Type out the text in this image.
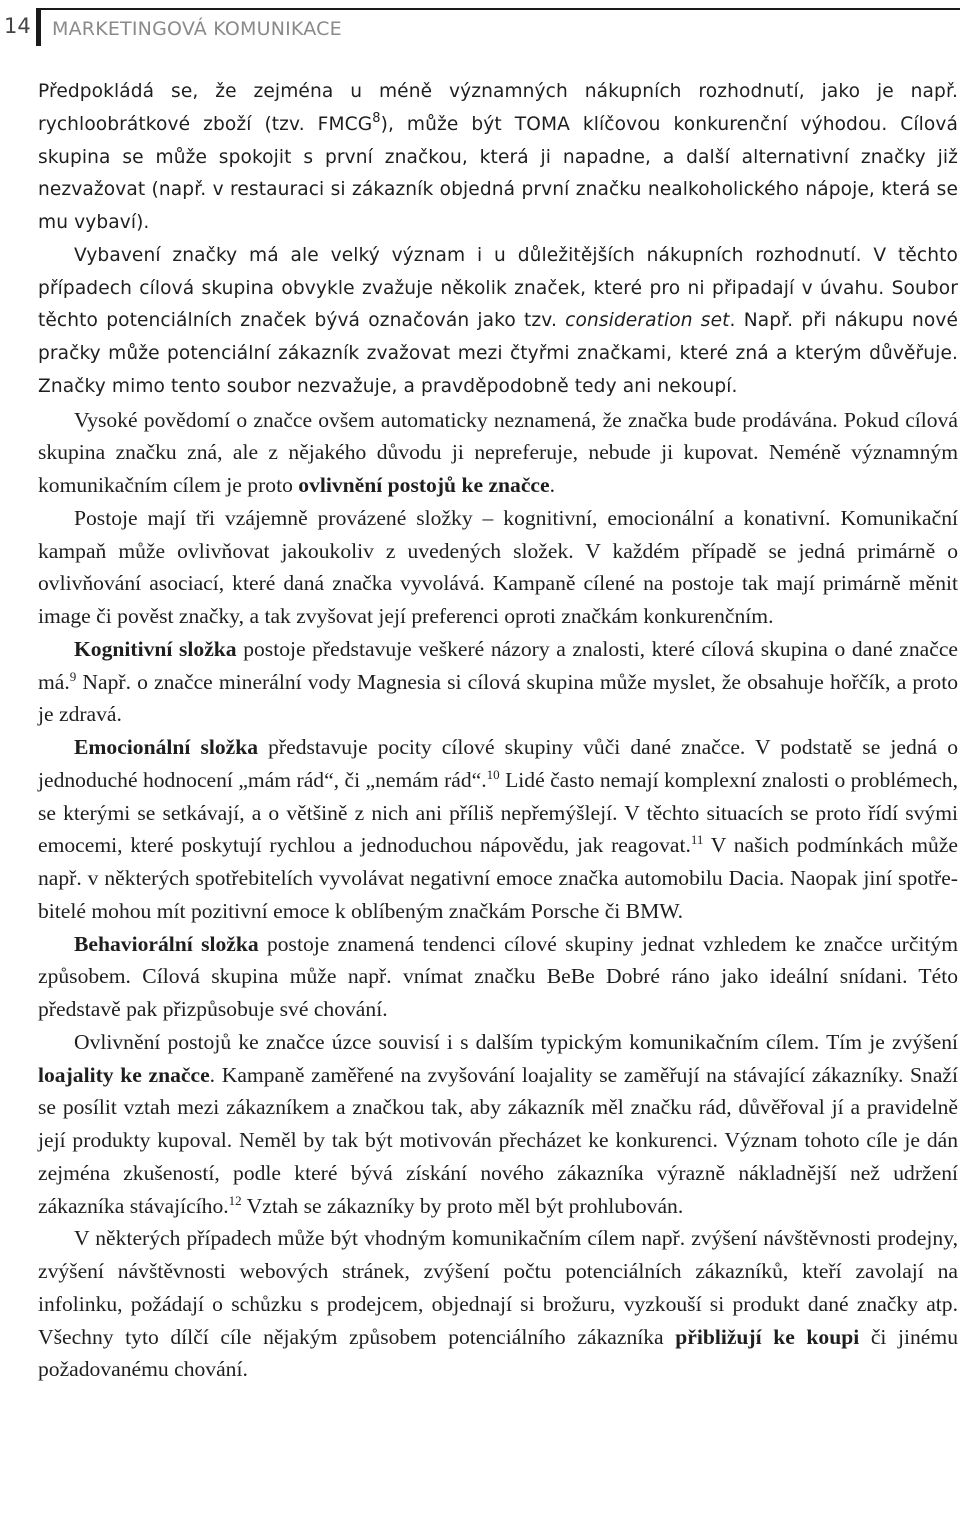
14 MARKETINGOVÁ KOMUNIKACE

Předpokládá se, že zejména u méně významných nákupních rozhodnutí, jako je např. rychloobrátkové zboží (tzv. FMCG$^8$), může být TOMA klíčovou konkurenční výhodou. Cílová skupina se může spokojit s první značkou, která ji napadne, a další alternativní značky již nezvažovat (např. v restauraci si zákazník objedná první značku nealkoholického nápoje, která se mu vybaví).

Vybavení značky má ale velký význam i u důležitějších nákupních rozhodnutí. V těchto případech cílová skupina obvykle zvažuje několik značek, které pro ni připadají v úvahu. Soubor těchto potenciálních značek bývá označován jako tzv. consideration set. Např. při nákupu nové pračky může potenciální zákazník zvažovat mezi čtyřmi značkami, které zná a kterým důvěřuje. Značky mimo tento soubor nezvažuje, a pravděpodobně tedy ani nekoupí.

Vysoké povědomí o značce ovšem automaticky neznamená, že značka bude prodávána. Pokud cílová skupina značku zná, ale z nějakého důvodu ji nepreferuje, nebude ji kupovat. Neméně významným komunikačním cílem je proto ovlivnění postojů ke značce.

Postoje mají tři vzájemně provázené složky – kognitivní, emocionální a konativní. Komunikační kampaň může ovlivňovat jakoukoliv z uvedených složek. V každém případě se jedná primárně o ovlivňování asociací, které daná značka vyvolává. Kampaně cílené na postoje tak mají primárně měnit image či pověst značky, a tak zvyšovat její preferenci oproti značkám konkurenčním.

Kognitivní složka postoje představuje veškeré názory a znalosti, které cílová skupina o dané značce má.$^9$ Např. o značce minerální vody Magnesia si cílová skupina může myslet, že obsahuje hořčík, a proto je zdravá.

Emocionální složka představuje pocity cílové skupiny vůči dané značce. V podstatě se jedná o jednoduché hodnocení „mám rád“, či „nemám rád“.$^{10}$ Lidé často nemají komplexní znalosti o problémech, se kterými se setkávají, a o většině z nich ani příliš nepřemýšlejí. V těchto situacích se proto řídí svými emocemi, které poskytují rychlou a jednoduchou nápovědu, jak reagovat.$^{11}$ V našich podmínkách může např. v některých spotřebitelích vyvolávat negativní emoce značka automobilu Dacia. Naopak jiní spotřebitelé mohou mít pozitivní emoce k oblíbeným značkám Porsche či BMW.

Behaviorální složka postoje znamená tendenci cílové skupiny jednat vzhledem ke značce určitým způsobem. Cílová skupina může např. vnímat značku BeBe Dobré ráno jako ideální snídani. Této představě pak přizpůsobuje své chování.

Ovlivnění postojů ke značce úzce souvisí i s dalším typickým komunikačním cílem. Tím je zvýšení loajality ke značce. Kampaně zaměřené na zvyšování loajality se zaměřují na stávající zákazníky. Snaží se posílit vztah mezi zákazníkem a značkou tak, aby zákazník měl značku rád, důvěřoval jí a pravidelně její produkty kupoval. Neměl by tak být motivován přecházet ke konkurenci. Význam tohoto cíle je dán zejména zkušeností, podle které bývá získání nového zákazníka výrazně nákladnější než udržení zákazníka stávajícího.$^{12}$ Vztah se zákazníky by proto měl být prohlubován.

V některých případech může být vhodným komunikačním cílem např. zvýšení návštěvnosti prodejny, zvýšení návštěvnosti webových stránek, zvýšení počtu potenciálních zákazníků, kteří zavolají na infolinku, požádají o schůzku s prodejcem, objednají si brožuru, vyzkouší si produkt dané značky atp. Všechny tyto dílčí cíle nějakým způsobem potenciálního zákazníka přibližují ke koupi či jinému požadovanému chování.
